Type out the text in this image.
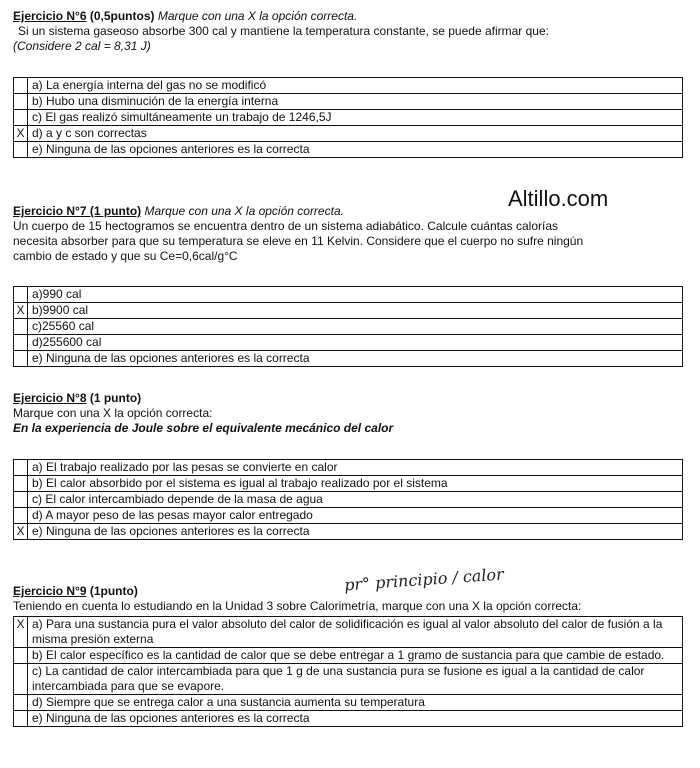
Ejercicio N°6 (0,5puntos) Marque con una X la opción correcta.
Si un sistema gaseoso absorbe 300 cal y mantiene la temperatura constante, se puede afirmar que:
(Considere 2 cal = 8,31 J)
	a) La energía interna del gas no se modificó
	b) Hubo una disminución de la energía interna
	c) El gas realizó simultáneamente un trabajo de 1246,5J
X	d) a y c son correctas
	e) Ninguna de las opciones anteriores es la correcta
Altillo.com
Ejercicio N°7 (1 punto) Marque con una X la opción correcta.
Un cuerpo de 15 hectogramos se encuentra dentro de un sistema adiabático. Calcule cuántas calorías
necesita absorber para que su temperatura se eleve en 11 Kelvin. Considere que el cuerpo no sufre ningún
cambio de estado y que su Ce=0,6cal/g°C
	a)990 cal
X	b)9900 cal
	c)25560 cal
	d)255600 cal
	e) Ninguna de las opciones anteriores es la correcta
Ejercicio N°8 (1 punto)
Marque con una X la opción correcta:
En la experiencia de Joule sobre el equivalente mecánico del calor
	a) El trabajo realizado por las pesas se convierte en calor
	b) El calor absorbido por el sistema es igual al trabajo realizado por el sistema
	c) El calor intercambiado depende de la masa de agua
	d) A mayor peso de las pesas mayor calor entregado
X	e) Ninguna de las opciones anteriores es la correcta
pr° principio / calor
Ejercicio N°9 (1punto)
Teniendo en cuenta lo estudiando en la Unidad 3 sobre Calorimetría, marque con una X la opción correcta:
X	a) Para una sustancia pura el valor absoluto del calor de solidificación es igual al valor absoluto del calor de fusión a la misma presión externa
	b) El calor específico es la cantidad de calor que se debe entregar a 1 gramo de sustancia para que cambie de estado.
	c) La cantidad de calor intercambiada para que 1 g de una sustancia pura se fusione es igual a la cantidad de calor intercambiada para que se evapore.
	d) Siempre que se entrega calor a una sustancia aumenta su temperatura
	e) Ninguna de las opciones anteriores es la correcta
